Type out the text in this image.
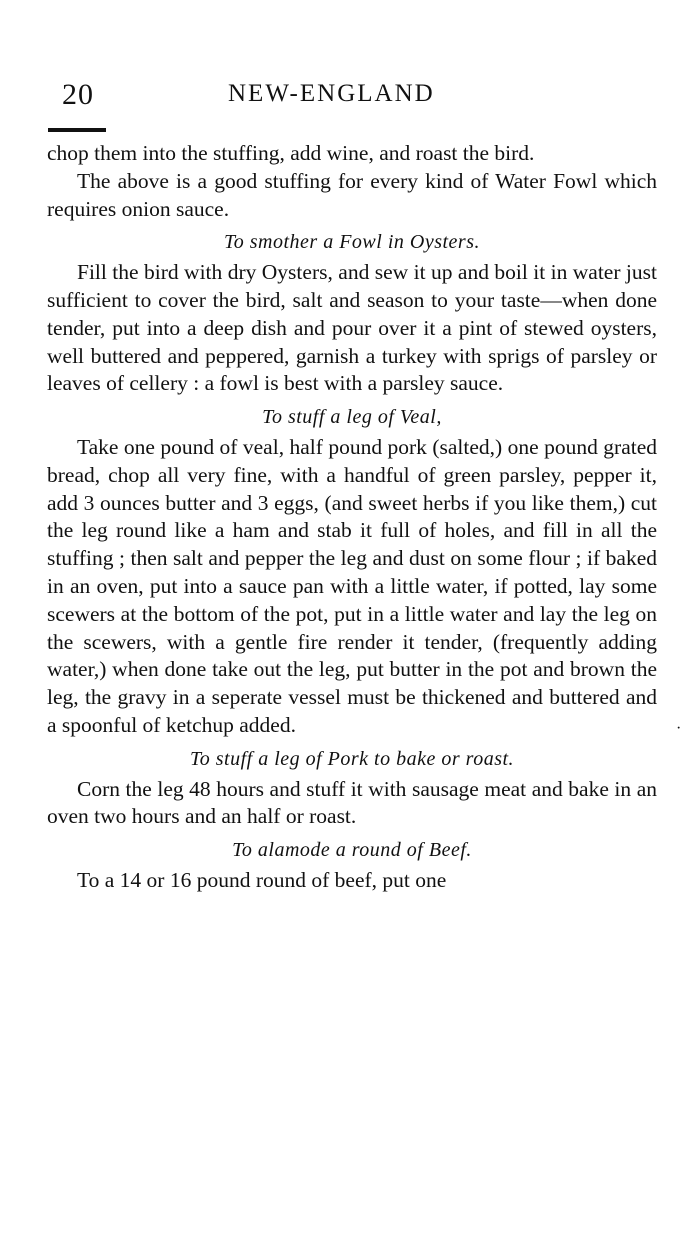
20	NEW-ENGLAND

chop them into the stuffing, add wine, and roast the bird.

The above is a good stuffing for every kind of Water Fowl which requires onion sauce.

To smother a Fowl in Oysters.

Fill the bird with dry Oysters, and sew it up and boil it in water just sufficient to cover the bird, salt and season to your taste—when done tender, put into a deep dish and pour over it a pint of stewed oysters, well buttered and peppered, garnish a turkey with sprigs of parsley or leaves of cellery : a fowl is best with a parsley sauce.

To stuff a leg of Veal,

Take one pound of veal, half pound pork (salted,) one pound grated bread, chop all very fine, with a handful of green parsley, pepper it, add 3 ounces butter and 3 eggs, (and sweet herbs if you like them,) cut the leg round like a ham and stab it full of holes, and fill in all the stuffing ; then salt and pepper the leg and dust on some flour ; if baked in an oven, put into a sauce pan with a little water, if potted, lay some scewers at the bottom of the pot, put in a little water and lay the leg on the scewers, with a gentle fire render it tender, (frequently adding water,) when done take out the leg, put butter in the pot and brown the leg, the gravy in a seperate vessel must be thickened and buttered and a spoonful of ketchup added.

To stuff a leg of Pork to bake or roast.

Corn the leg 48 hours and stuff it with sausage meat and bake in an oven two hours and an half or roast.

To alamode a round of Beef.

To a 14 or 16 pound round of beef, put one

·
